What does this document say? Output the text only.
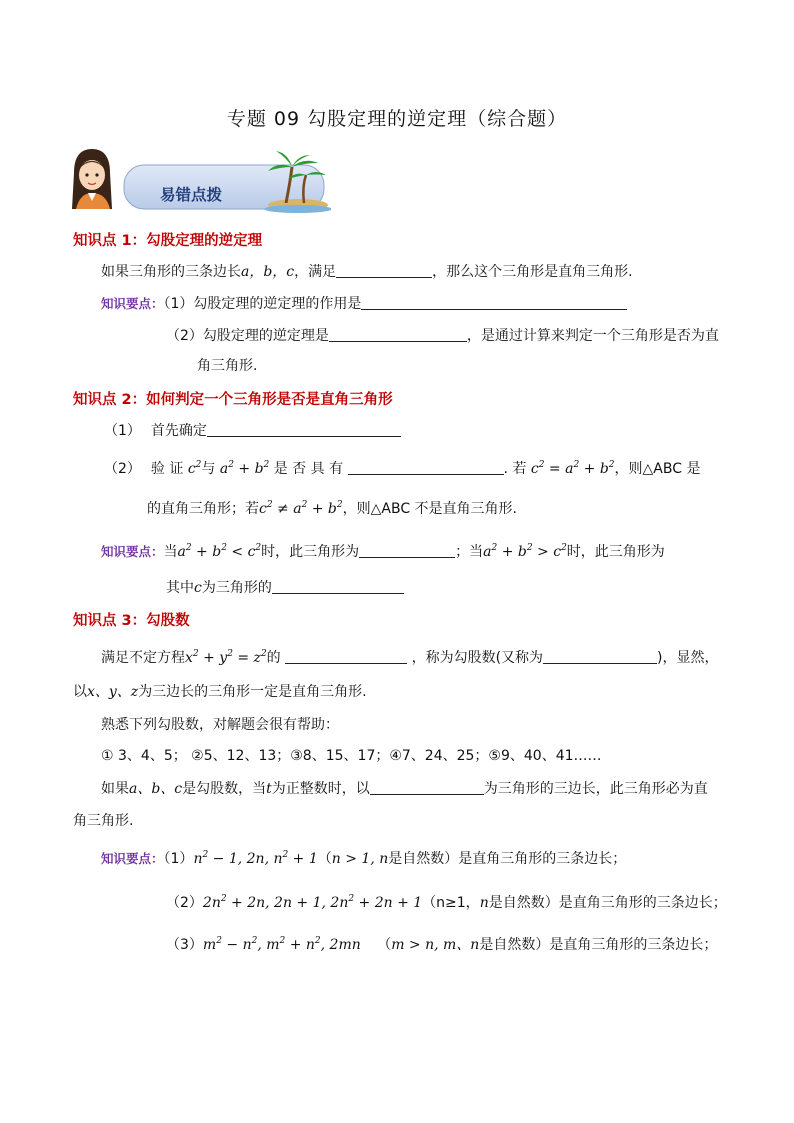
专题 09 勾股定理的逆定理（综合题）
易错点拨
知识点 1：勾股定理的逆定理
如果三角形的三条边长a，b，c，满足	，那么这个三角形是直角三角形.
知识要点：（1）勾股定理的逆定理的作用是
（2）勾股定理的逆定理是	，是通过计算来判定一个三角形是否为直
角三角形.
知识点 2：如何判定一个三角形是否是直角三角形
（1） 首先确定
（2） 验 证 $c^2$与 $a^2 + b^2$ 是 否 具 有	. 若 $c^2 = a^2 + b^2$，则△ABC 是
的直角三角形；若$c^2 \ne a^2 + b^2$，则△ABC 不是直角三角形.
知识要点：当$a^2 + b^2 < c^2$时，此三角形为	；当$a^2 + b^2 > c^2$时，此三角形为
其中c为三角形的
知识点 3：勾股数
满足不定方程$x^2 + y^2 = z^2$的	，称为勾股数(又称为	)，显然，
以x、y、z为三边长的三角形一定是直角三角形.
熟悉下列勾股数，对解题会很有帮助：
① 3、4、5； ②5、12、13；③8、15、17；④7、24、25；⑤9、40、41……
如果a、b、c是勾股数，当t为正整数时，以	为三角形的三边长，此三角形必为直
角三角形.
知识要点：$(1)n^2 - 1$, 2n, $n^2 + 1(n > 1$, n是自然数）是直角三角形的三条边长；
$(2)2n^2 + 2n$, 2n + 1, $2n^2 + 2n + 1(n\ge 1$，n是自然数）是直角三角形的三条边长；
$(3)m^2 - n^2$, $m^2 + n^2$, 2mn （m > n, m、n是自然数）是直角三角形的三条边长；
